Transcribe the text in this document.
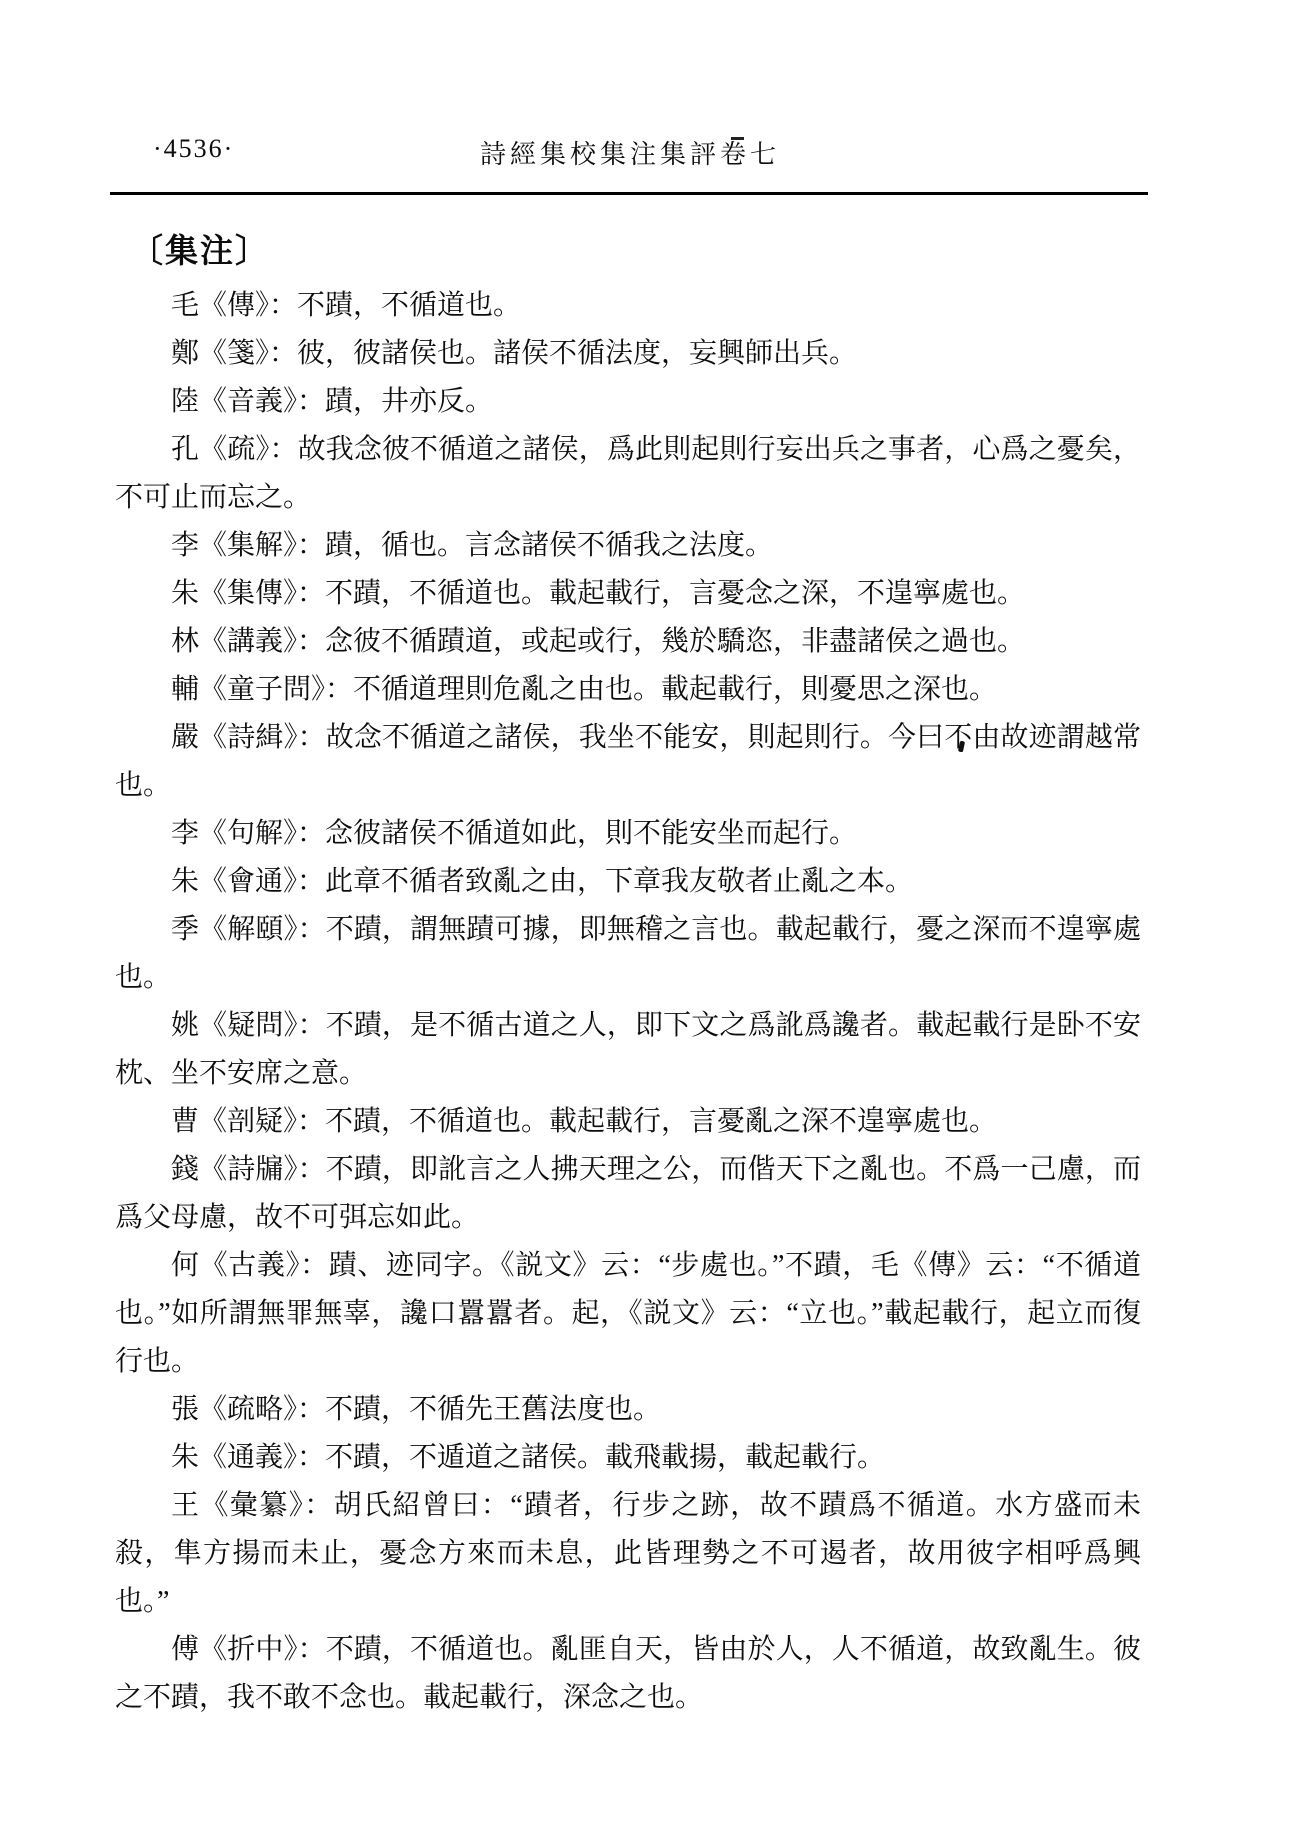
·4536·	詩經集校集注集評卷七
〔集注〕

毛《傳》：不蹟，不循道也。

鄭《箋》：彼，彼諸侯也。諸侯不循法度，妄興師出兵。

陸《音義》：蹟，井亦反。

孔《疏》：故我念彼不循道之諸侯，爲此則起則行妄出兵之事者，心爲之憂矣，不可止而忘之。

李《集解》：蹟，循也。言念諸侯不循我之法度。

朱《集傳》：不蹟，不循道也。載起載行，言憂念之深，不遑寧處也。

林《講義》：念彼不循蹟道，或起或行，幾於驕恣，非盡諸侯之過也。

輔《童子問》：不循道理則危亂之由也。載起載行，則憂思之深也。

嚴《詩緝》：故念不循道之諸侯，我坐不能安，則起則行。今曰不由故迹謂越常也。

李《句解》：念彼諸侯不循道如此，則不能安坐而起行。

朱《會通》：此章不循者致亂之由，下章我友敬者止亂之本。

季《解頤》：不蹟，謂無蹟可據，即無稽之言也。載起載行，憂之深而不遑寧處也。

姚《疑問》：不蹟，是不循古道之人，即下文之爲訛爲讒者。載起載行是卧不安枕、坐不安席之意。

曹《剖疑》：不蹟，不循道也。載起載行，言憂亂之深不遑寧處也。

錢《詩牖》：不蹟，即訛言之人拂天理之公，而偕天下之亂也。不爲一己慮，而爲父母慮，故不可弭忘如此。

何《古義》：蹟、迹同字。《説文》云：“步處也。”不蹟，毛《傳》云：“不循道也。”如所謂無罪無辜，讒口囂囂者。起，《説文》云：“立也。”載起載行，起立而復行也。

張《疏略》：不蹟，不循先王舊法度也。

朱《通義》：不蹟，不遁道之諸侯。載飛載揚，載起載行。

王《彙纂》：胡氏紹曾曰：“蹟者，行步之跡，故不蹟爲不循道。水方盛而未殺，隼方揚而未止，憂念方來而未息，此皆理勢之不可遏者，故用彼字相呼爲興也。”

傅《折中》：不蹟，不循道也。亂匪自天，皆由於人，人不循道，故致亂生。彼之不蹟，我不敢不念也。載起載行，深念之也。
